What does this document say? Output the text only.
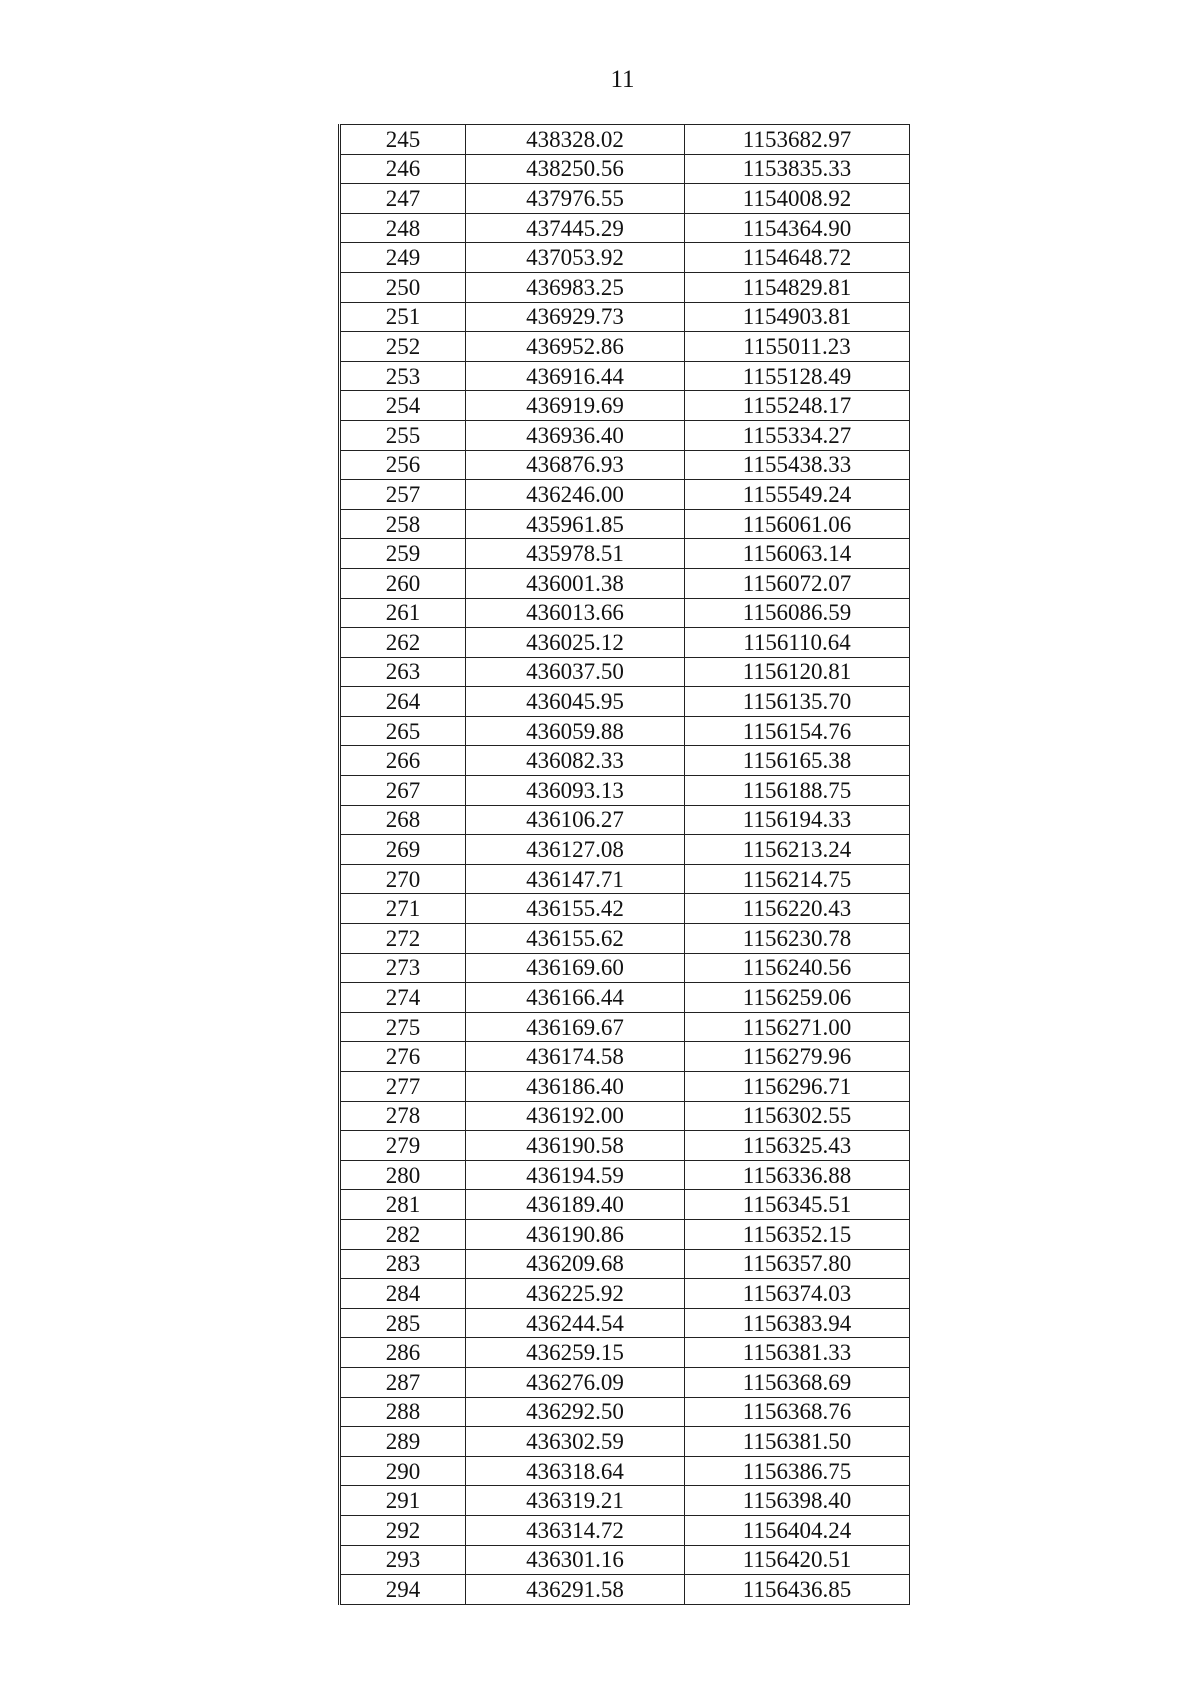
11
245	438328.02	1153682.97
246	438250.56	1153835.33
247	437976.55	1154008.92
248	437445.29	1154364.90
249	437053.92	1154648.72
250	436983.25	1154829.81
251	436929.73	1154903.81
252	436952.86	1155011.23
253	436916.44	1155128.49
254	436919.69	1155248.17
255	436936.40	1155334.27
256	436876.93	1155438.33
257	436246.00	1155549.24
258	435961.85	1156061.06
259	435978.51	1156063.14
260	436001.38	1156072.07
261	436013.66	1156086.59
262	436025.12	1156110.64
263	436037.50	1156120.81
264	436045.95	1156135.70
265	436059.88	1156154.76
266	436082.33	1156165.38
267	436093.13	1156188.75
268	436106.27	1156194.33
269	436127.08	1156213.24
270	436147.71	1156214.75
271	436155.42	1156220.43
272	436155.62	1156230.78
273	436169.60	1156240.56
274	436166.44	1156259.06
275	436169.67	1156271.00
276	436174.58	1156279.96
277	436186.40	1156296.71
278	436192.00	1156302.55
279	436190.58	1156325.43
280	436194.59	1156336.88
281	436189.40	1156345.51
282	436190.86	1156352.15
283	436209.68	1156357.80
284	436225.92	1156374.03
285	436244.54	1156383.94
286	436259.15	1156381.33
287	436276.09	1156368.69
288	436292.50	1156368.76
289	436302.59	1156381.50
290	436318.64	1156386.75
291	436319.21	1156398.40
292	436314.72	1156404.24
293	436301.16	1156420.51
294	436291.58	1156436.85
